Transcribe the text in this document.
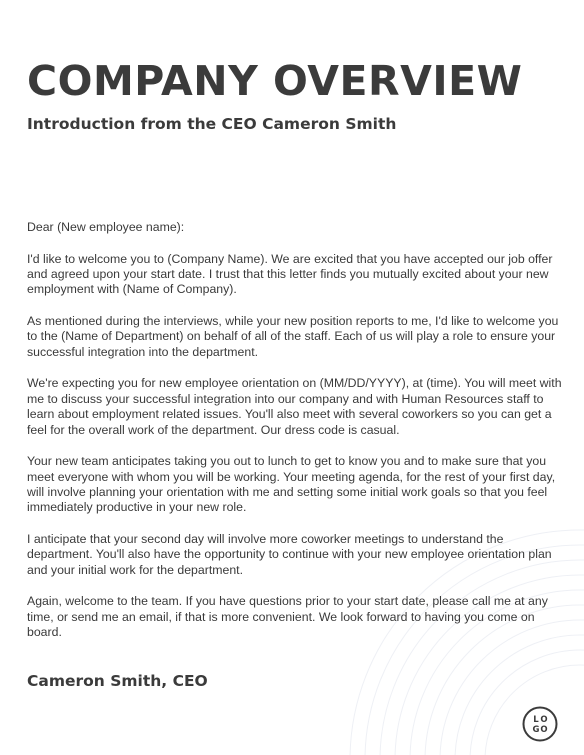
COMPANY OVERVIEW
Introduction from the CEO Cameron Smith

Dear (New employee name):

I'd like to welcome you to (Company Name). We are excited that you have accepted our job offer and agreed upon your start date. I trust that this letter finds you mutually excited about your new employment with (Name of Company).

As mentioned during the interviews, while your new position reports to me, I'd like to welcome you to the (Name of Department) on behalf of all of the staff. Each of us will play a role to ensure your successful integration into the department.

We're expecting you for new employee orientation on (MM/DD/YYYY), at (time). You will meet with me to discuss your successful integration into our company and with Human Resources staff to learn about employment related issues. You'll also meet with several coworkers so you can get a feel for the overall work of the department. Our dress code is casual.

Your new team anticipates taking you out to lunch to get to know you and to make sure that you meet everyone with whom you will be working. Your meeting agenda, for the rest of your first day, will involve planning your orientation with me and setting some initial work goals so that you feel immediately productive in your new role.

I anticipate that your second day will involve more coworker meetings to understand the department. You'll also have the opportunity to continue with your new employee orientation plan and your initial work for the department.

Again, welcome to the team. If you have questions prior to your start date, please call me at any time, or send me an email, if that is more convenient. We look forward to having you come on board.

Cameron Smith, CEO
L O
G O
